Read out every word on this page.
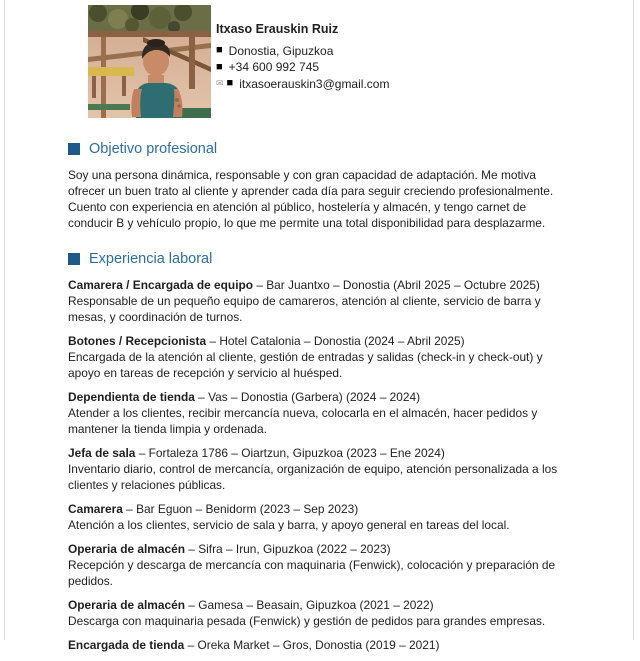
Itxaso Erauskin Ruiz
■ Donostia, Gipuzkoa
■ +34 600 992 745
✉ ■ itxasoerauskin3@gmail.com
Objetivo profesional

Soy una persona dinámica, responsable y con gran capacidad de adaptación. Me motiva ofrecer un buen trato al cliente y aprender cada día para seguir creciendo profesionalmente. Cuento con experiencia en atención al público, hostelería y almacén, y tengo carnet de conducir B y vehículo propio, lo que me permite una total disponibilidad para desplazarme.

Experiencia laboral
Camarera / Encargada de equipo – Bar Juantxo – Donostia (Abril 2025 – Octubre 2025)

Responsable de un pequeño equipo de camareros, atención al cliente, servicio de barra y mesas, y coordinación de turnos.

Botones / Recepcionista – Hotel Catalonia – Donostia (2024 – Abril 2025)

Encargada de la atención al cliente, gestión de entradas y salidas (check-in y check-out) y apoyo en tareas de recepción y servicio al huésped.

Dependienta de tienda – Vas – Donostia (Garbera) (2024 – 2024)

Atender a los clientes, recibir mercancía nueva, colocarla en el almacén, hacer pedidos y mantener la tienda limpia y ordenada.

Jefa de sala – Fortaleza 1786 – Oiartzun, Gipuzkoa (2023 – Ene 2024)

Inventario diario, control de mercancía, organización de equipo, atención personalizada a los clientes y relaciones públicas.

Camarera – Bar Eguon – Benidorm (2023 – Sep 2023)

Atención a los clientes, servicio de sala y barra, y apoyo general en tareas del local.

Operaria de almacén – Sifra – Irun, Gipuzkoa (2022 – 2023)

Recepción y descarga de mercancía con maquinaria (Fenwick), colocación y preparación de pedidos.

Operaria de almacén – Gamesa – Beasain, Gipuzkoa (2021 – 2022)

Descarga con maquinaria pesada (Fenwick) y gestión de pedidos para grandes empresas.

Encargada de tienda – Oreka Market – Gros, Donostia (2019 – 2021)
